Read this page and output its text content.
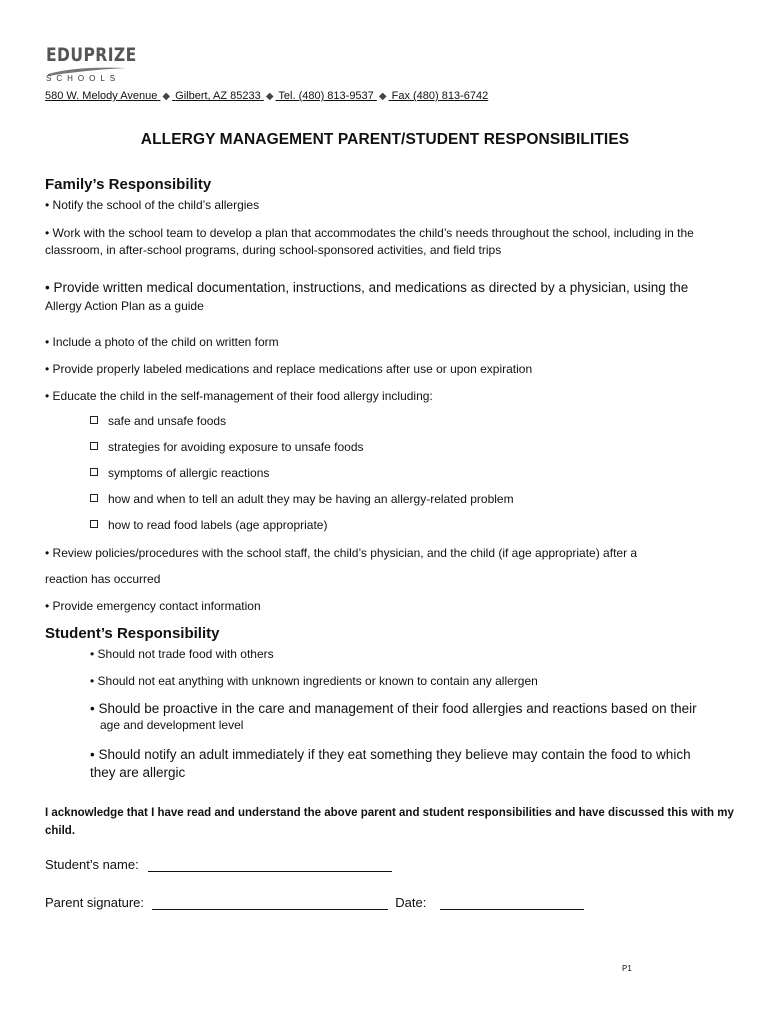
EDUPRIZE
SCHOOLS
580 W. Melody Avenue ◆ Gilbert, AZ 85233 ◆ Tel. (480) 813-9537 ◆ Fax (480) 813-6742
ALLERGY MANAGEMENT PARENT/STUDENT RESPONSIBILITIES
Family’s Responsibility
• Notify the school of the child’s allergies
• Work with the school team to develop a plan that accommodates the child’s needs throughout the school, including in the classroom, in after-school programs, during school-sponsored activities, and field trips
• Provide written medical documentation, instructions, and medications as directed by a physician, using the
Allergy Action Plan as a guide
• Include a photo of the child on written form
• Provide properly labeled medications and replace medications after use or upon expiration
• Educate the child in the self-management of their food allergy including:
safe and unsafe foods
strategies for avoiding exposure to unsafe foods
symptoms of allergic reactions
how and when to tell an adult they may be having an allergy-related problem
how to read food labels (age appropriate)
• Review policies/procedures with the school staff, the child’s physician, and the child (if age appropriate) after a
reaction has occurred
• Provide emergency contact information
Student’s Responsibility
• Should not trade food with others
• Should not eat anything with unknown ingredients or known to contain any allergen
• Should be proactive in the care and management of their food allergies and reactions based on their
age and development level
• Should notify an adult immediately if they eat something they believe may contain the food to which
they are allergic
I acknowledge that I have read and understand the above parent and student responsibilities and have discussed this with my child.
Student’s name:
Parent signature:	Date:
P1
